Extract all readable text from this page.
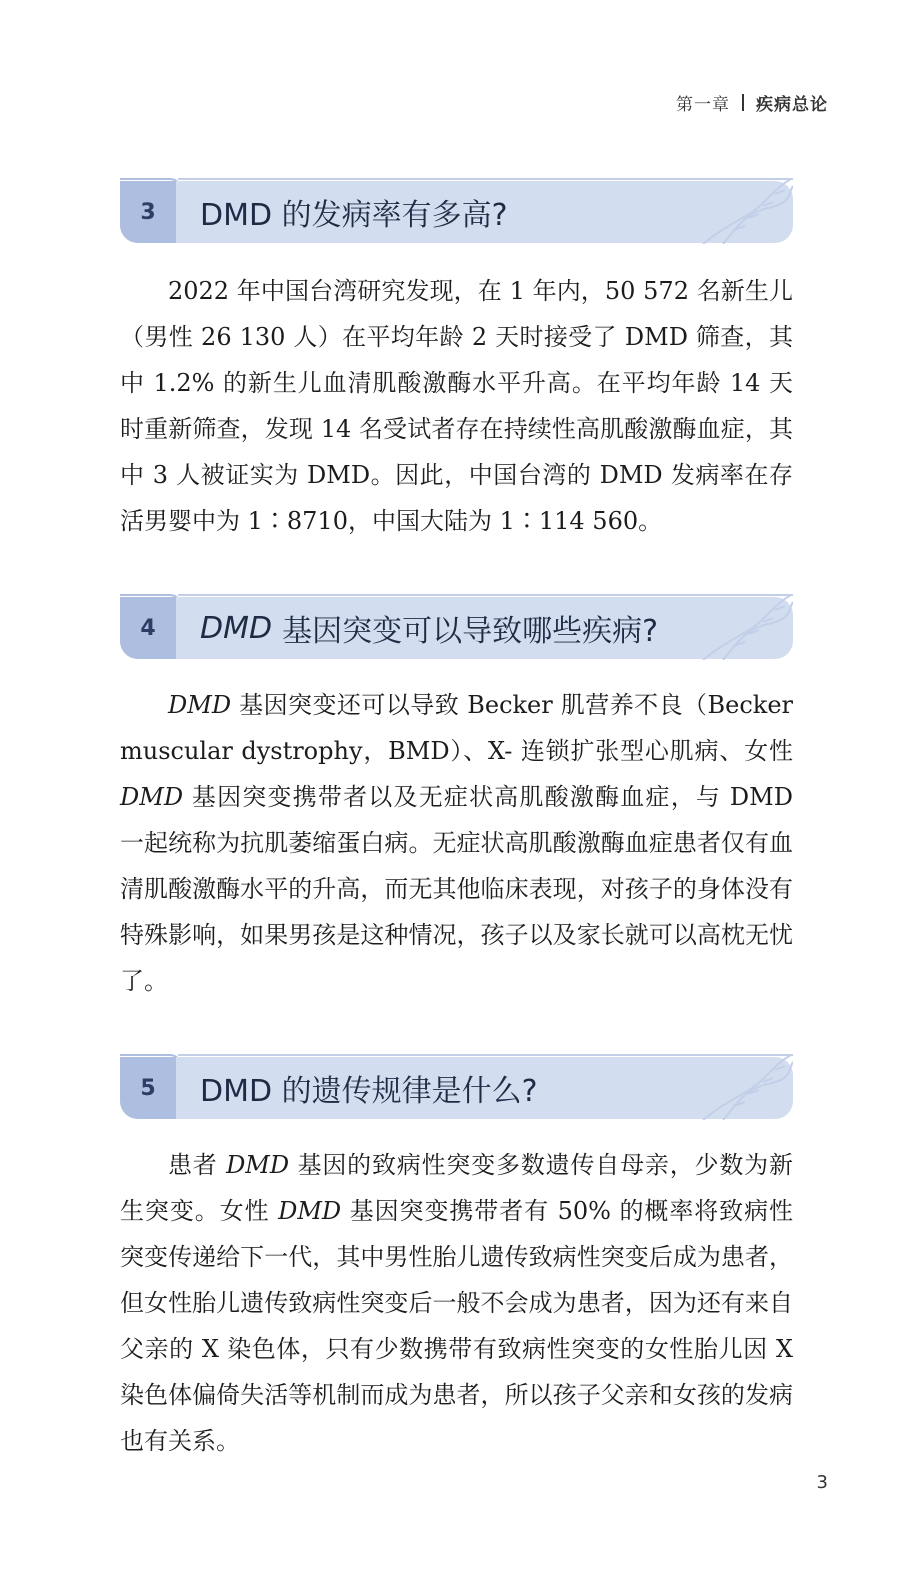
第一章 疾病总论
3	DMD 的发病率有多高?

2022 年中国台湾研究发现，在 1 年内，50 572 名新生儿（男性 26 130 人）在平均年龄 2 天时接受了 DMD 筛查，其中 1.2% 的新生儿血清肌酸激酶水平升高。在平均年龄 14 天时重新筛查，发现 14 名受试者存在持续性高肌酸激酶血症，其中 3 人被证实为 DMD。因此，中国台湾的 DMD 发病率在存活男婴中为 1∶8710，中国大陆为 1∶114 560。

4	DMD 基因突变可以导致哪些疾病?

DMD 基因突变还可以导致 Becker 肌营养不良（Becker muscular dystrophy，BMD）、X- 连锁扩张型心肌病、女性 DMD 基因突变携带者以及无症状高肌酸激酶血症，与 DMD 一起统称为抗肌萎缩蛋白病。无症状高肌酸激酶血症患者仅有血清肌酸激酶水平的升高，而无其他临床表现，对孩子的身体没有特殊影响，如果男孩是这种情况，孩子以及家长就可以高枕无忧了。

5	DMD 的遗传规律是什么?

患者 DMD 基因的致病性突变多数遗传自母亲，少数为新生突变。女性 DMD 基因突变携带者有 50% 的概率将致病性突变传递给下一代，其中男性胎儿遗传致病性突变后成为患者，但女性胎儿遗传致病性突变后一般不会成为患者，因为还有来自父亲的 X 染色体，只有少数携带有致病性突变的女性胎儿因 X 染色体偏倚失活等机制而成为患者，所以孩子父亲和女孩的发病也有关系。

3
